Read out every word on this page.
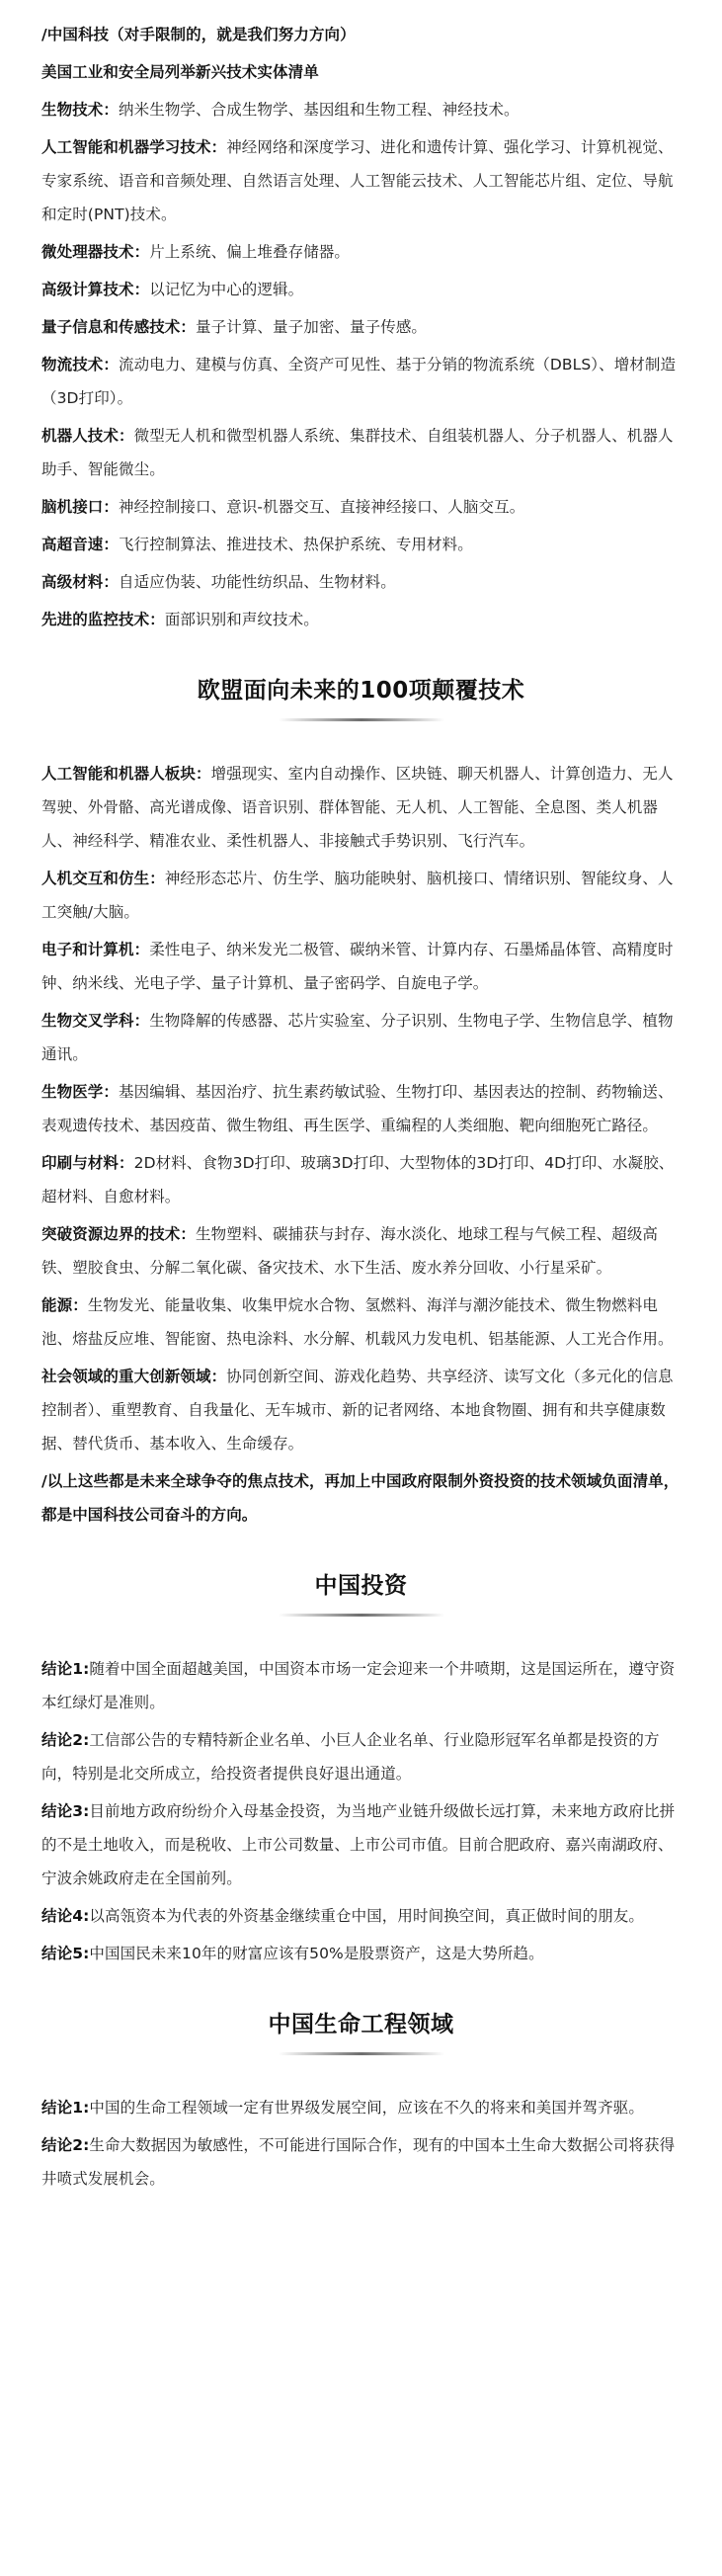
/中国科技（对手限制的，就是我们努力方向）

美国工业和安全局列举新兴技术实体清单

生物技术：纳米生物学、合成生物学、基因组和生物工程、神经技术。

人工智能和机器学习技术：神经网络和深度学习、进化和遗传计算、强化学习、计算机视觉、专家系统、语音和音频处理、自然语言处理、人工智能云技术、人工智能芯片组、定位、导航和定时(PNT)技术。

微处理器技术：片上系统、偏上堆叠存储器。

高级计算技术：以记忆为中心的逻辑。

量子信息和传感技术：量子计算、量子加密、量子传感。

物流技术：流动电力、建模与仿真、全资产可见性、基于分销的物流系统（DBLS）、增材制造（3D打印）。

机器人技术：微型无人机和微型机器人系统、集群技术、自组装机器人、分子机器人、机器人助手、智能微尘。

脑机接口：神经控制接口、意识-机器交互、直接神经接口、人脑交互。

高超音速：飞行控制算法、推进技术、热保护系统、专用材料。

高级材料：自适应伪装、功能性纺织品、生物材料。

先进的监控技术：面部识别和声纹技术。

欧盟面向未来的100项颠覆技术

人工智能和机器人板块：增强现实、室内自动操作、区块链、聊天机器人、计算创造力、无人驾驶、外骨骼、高光谱成像、语音识别、群体智能、无人机、人工智能、全息图、类人机器人、神经科学、精准农业、柔性机器人、非接触式手势识别、飞行汽车。

人机交互和仿生：神经形态芯片、仿生学、脑功能映射、脑机接口、情绪识别、智能纹身、人工突触/大脑。

电子和计算机：柔性电子、纳米发光二极管、碳纳米管、计算内存、石墨烯晶体管、高精度时钟、纳米线、光电子学、量子计算机、量子密码学、自旋电子学。

生物交叉学科：生物降解的传感器、芯片实验室、分子识别、生物电子学、生物信息学、植物通讯。

生物医学：基因编辑、基因治疗、抗生素药敏试验、生物打印、基因表达的控制、药物输送、表观遗传技术、基因疫苗、微生物组、再生医学、重编程的人类细胞、靶向细胞死亡路径。

印刷与材料：2D材料、食物3D打印、玻璃3D打印、大型物体的3D打印、4D打印、水凝胶、超材料、自愈材料。

突破资源边界的技术：生物塑料、碳捕获与封存、海水淡化、地球工程与气候工程、超级高铁、塑胶食虫、分解二氧化碳、备灾技术、水下生活、废水养分回收、小行星采矿。

能源：生物发光、能量收集、收集甲烷水合物、氢燃料、海洋与潮汐能技术、微生物燃料电池、熔盐反应堆、智能窗、热电涂料、水分解、机载风力发电机、铝基能源、人工光合作用。

社会领域的重大创新领域：协同创新空间、游戏化趋势、共享经济、读写文化（多元化的信息控制者）、重塑教育、自我量化、无车城市、新的记者网络、本地食物圈、拥有和共享健康数据、替代货币、基本收入、生命缓存。

/以上这些都是未来全球争夺的焦点技术，再加上中国政府限制外资投资的技术领域负面清单，都是中国科技公司奋斗的方向。

中国投资

结论1:随着中国全面超越美国，中国资本市场一定会迎来一个井喷期，这是国运所在，遵守资本红绿灯是准则。

结论2:工信部公告的专精特新企业名单、小巨人企业名单、行业隐形冠军名单都是投资的方向，特别是北交所成立，给投资者提供良好退出通道。

结论3:目前地方政府纷纷介入母基金投资，为当地产业链升级做长远打算，未来地方政府比拼的不是土地收入，而是税收、上市公司数量、上市公司市值。目前合肥政府、嘉兴南湖政府、宁波余姚政府走在全国前列。

结论4:以高瓴资本为代表的外资基金继续重仓中国，用时间换空间，真正做时间的朋友。

结论5:中国国民未来10年的财富应该有50%是股票资产，这是大势所趋。

中国生命工程领域

结论1:中国的生命工程领域一定有世界级发展空间，应该在不久的将来和美国并驾齐驱。

结论2:生命大数据因为敏感性，不可能进行国际合作，现有的中国本土生命大数据公司将获得井喷式发展机会。
